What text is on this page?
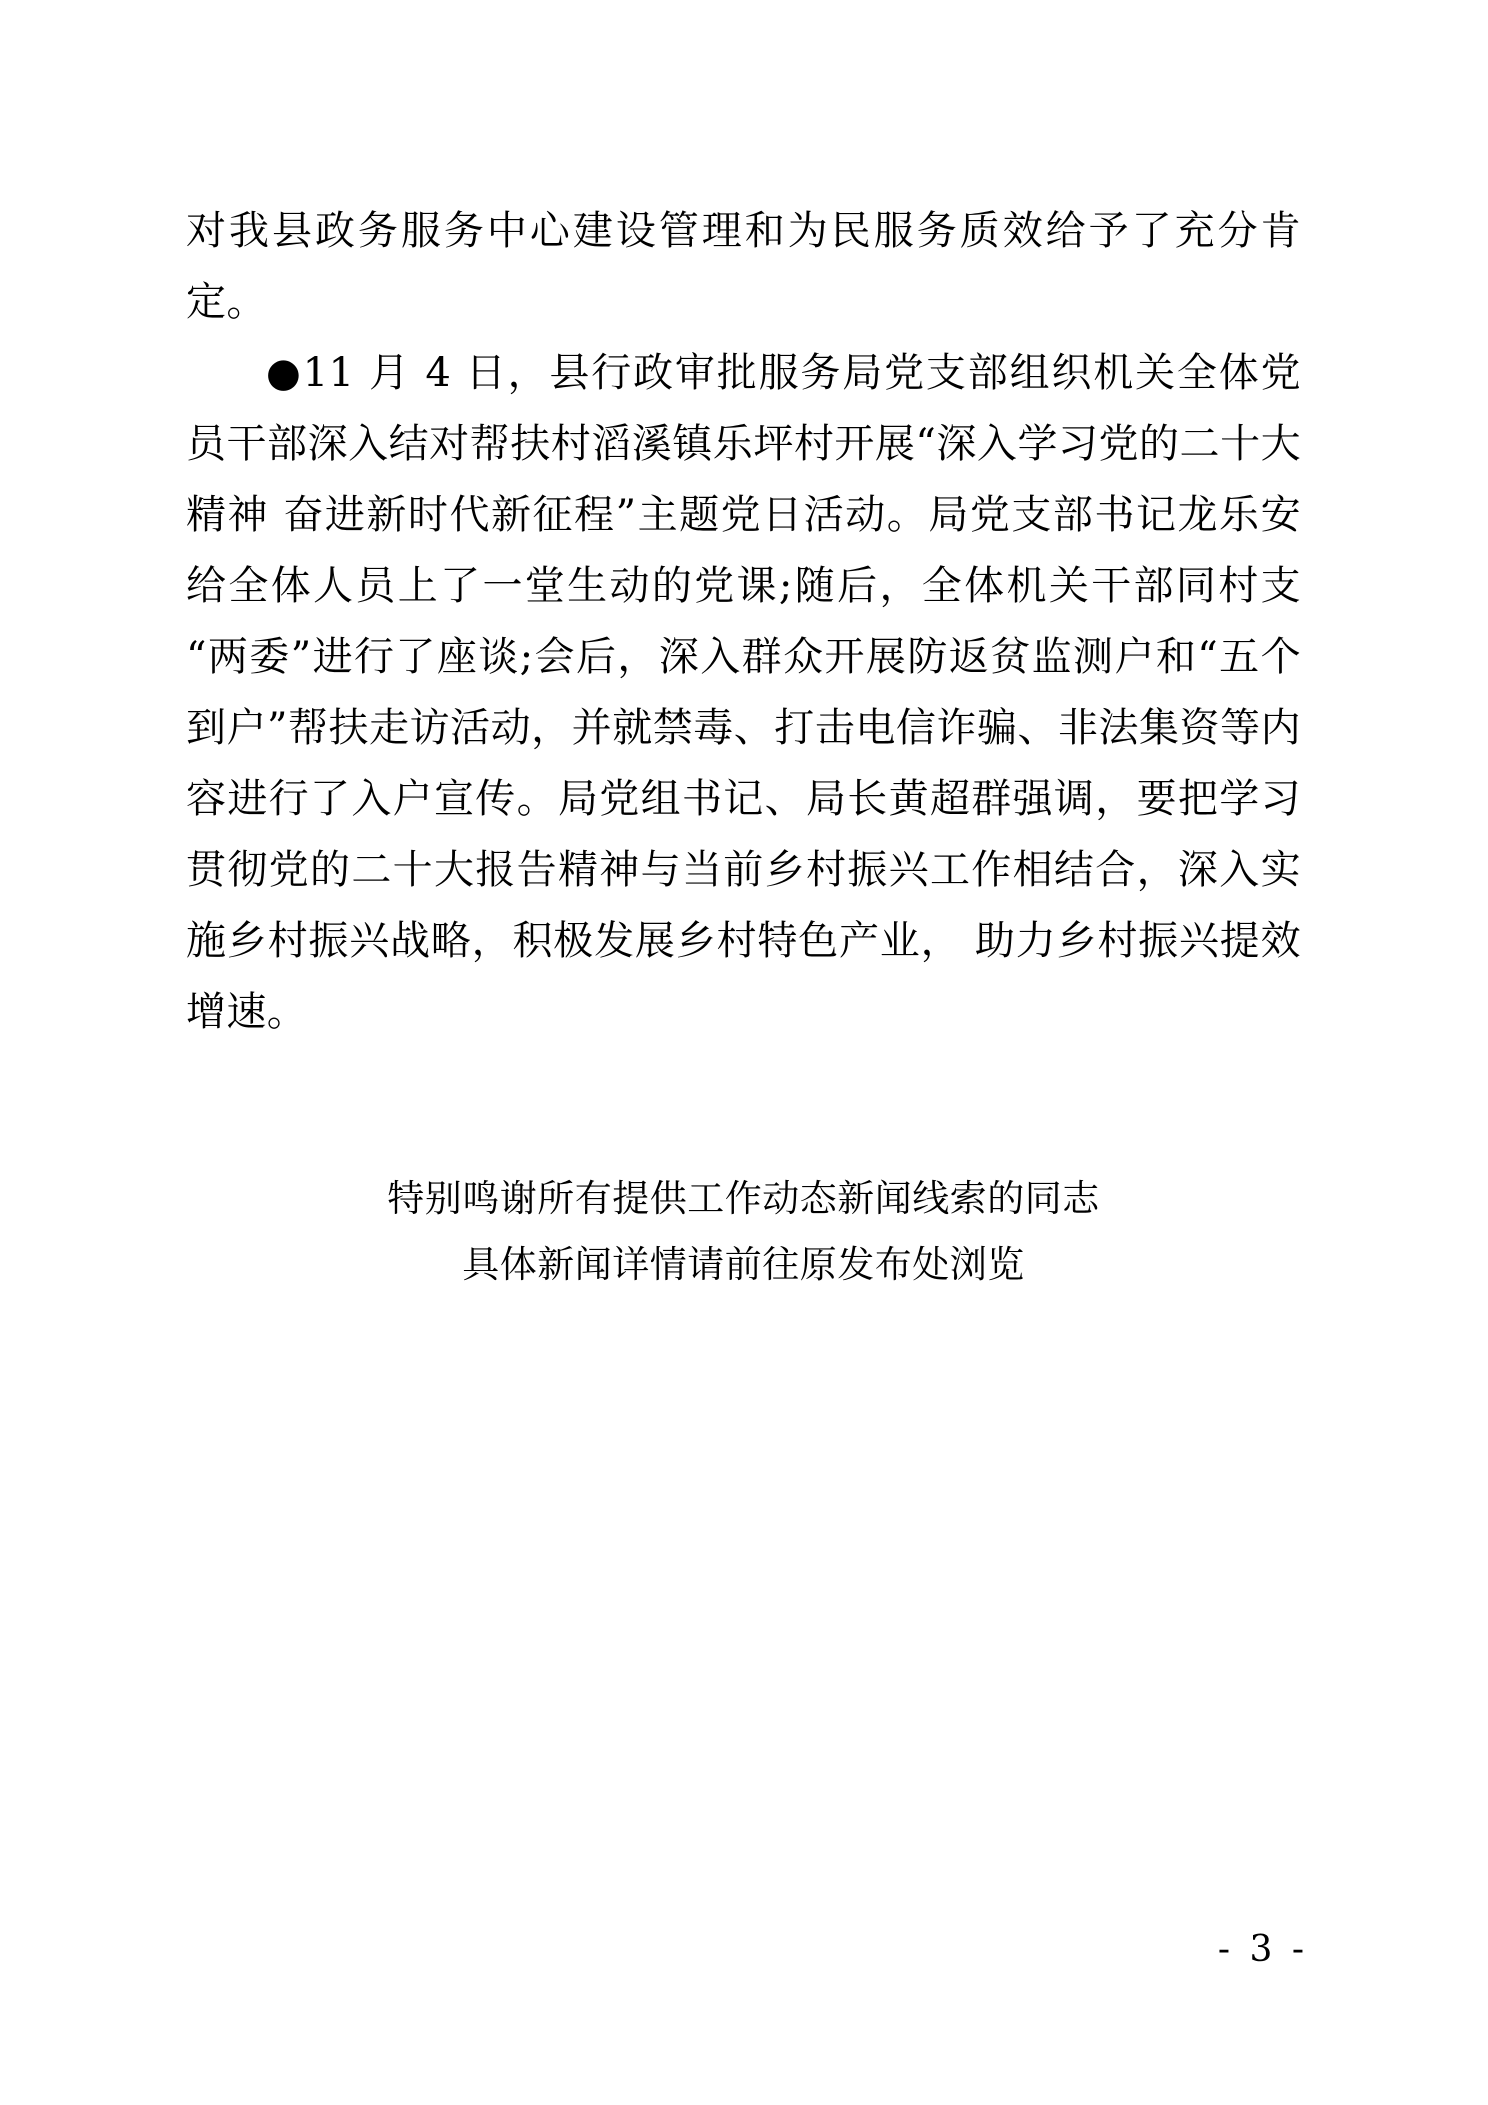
对我县政务服务中心建设管理和为民服务质效给予了充分肯定。

●11 月 4 日，县行政审批服务局党支部组织机关全体党员干部深入结对帮扶村滔溪镇乐坪村开展“深入学习党的二十大精神 奋进新时代新征程”主题党日活动。局党支部书记龙乐安给全体人员上了一堂生动的党课;随后，全体机关干部同村支“两委”进行了座谈;会后，深入群众开展防返贫监测户和“五个到户”帮扶走访活动，并就禁毒、打击电信诈骗、非法集资等内容进行了入户宣传。局党组书记、局长黄超群强调，要把学习贯彻党的二十大报告精神与当前乡村振兴工作相结合，深入实施乡村振兴战略，积极发展乡村特色产业， 助力乡村振兴提效增速。

特别鸣谢所有提供工作动态新闻线索的同志
具体新闻详情请前往原发布处浏览
- 3 -
